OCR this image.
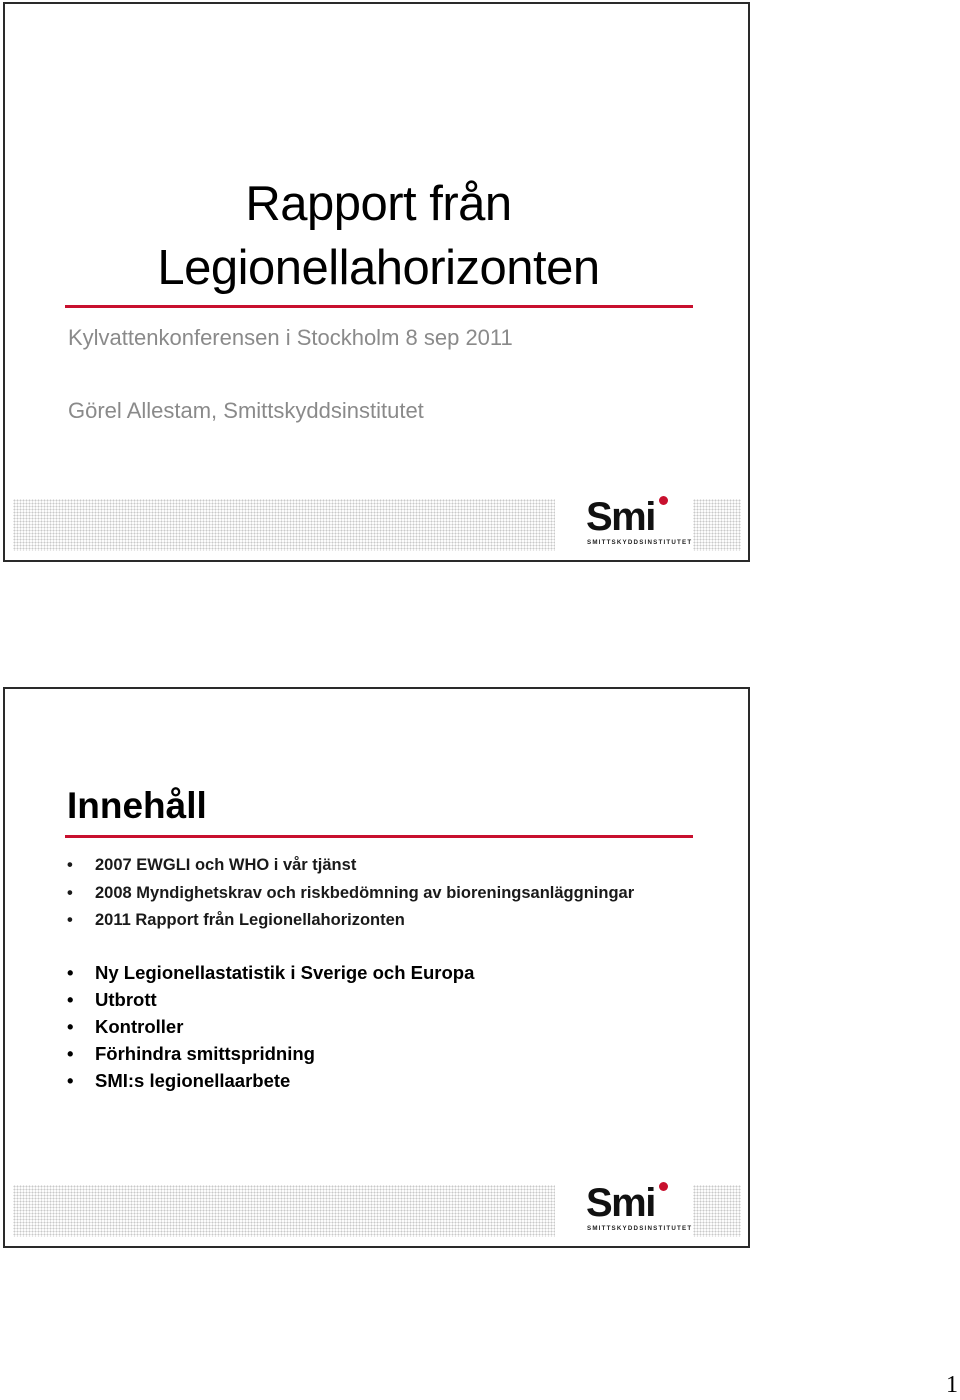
Rapport från
Legionellahorizonten
Kylvattenkonferensen i Stockholm 8 sep 2011
Görel Allestam, Smittskyddsinstitutet
Smi
SMITTSKYDDSINSTITUTET
Innehåll
• 2007 EWGLI och WHO i vår tjänst
• 2008 Myndighetskrav och riskbedömning av bioreningsanläggningar
• 2011 Rapport från Legionellahorizonten
• Ny Legionellastatistik i Sverige och Europa
• Utbrott
• Kontroller
• Förhindra smittspridning
• SMI:s legionellaarbete
Smi
SMITTSKYDDSINSTITUTET
1
